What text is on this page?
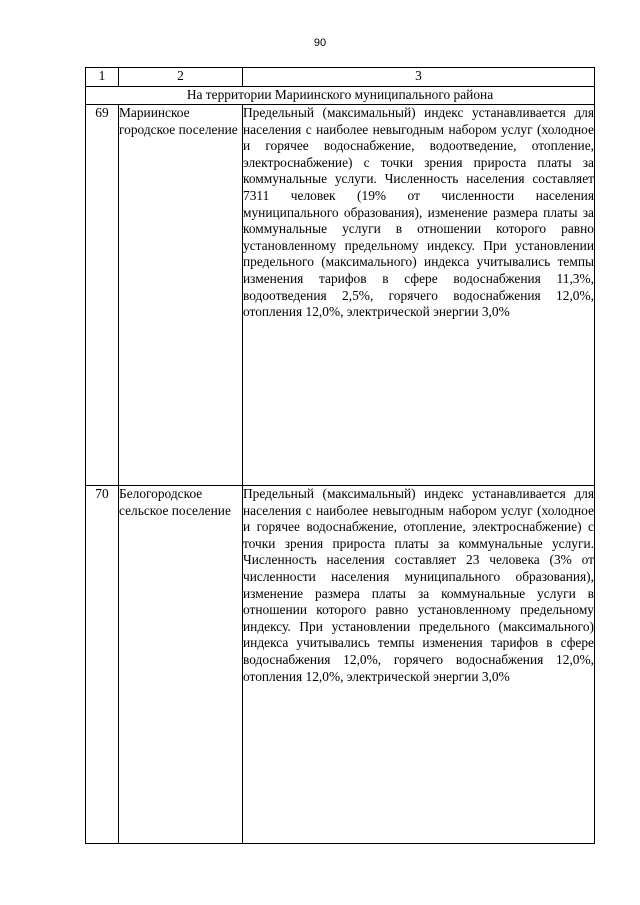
90
1	2	3
На территории Мариинского муниципального района		
69	Мариинское городское поселение	Предельный (максимальный) индекс устанавливается для населения с наиболее невыгодным набором услуг (холодное и горячее водоснабжение, водоотведение, отопление, электроснабжение) с точки зрения прироста платы за коммунальные услуги. Численность населения составляет 7311 человек (19% от численности населения муниципального образования), изменение размера платы за коммунальные услуги в отношении которого равно установленному предельному индексу. При установлении предельного (максимального) индекса учитывались темпы изменения тарифов в сфере водоснабжения 11,3%, водоотведения 2,5%, горячего водоснабжения 12,0%, отопления 12,0%, электрической энергии 3,0%
70	Белогородское сельское поселение	Предельный (максимальный) индекс устанавливается для населения с наиболее невыгодным набором услуг (холодное и горячее водоснабжение, отопление, электроснабжение) с точки зрения прироста платы за коммунальные услуги. Численность населения составляет 23 человека (3% от численности населения муниципального образования), изменение размера платы за коммунальные услуги в отношении которого равно установленному предельному индексу. При установлении предельного (максимального) индекса учитывались темпы изменения тарифов в сфере водоснабжения 12,0%, горячего водоснабжения 12,0%, отопления 12,0%, электрической энергии 3,0%
